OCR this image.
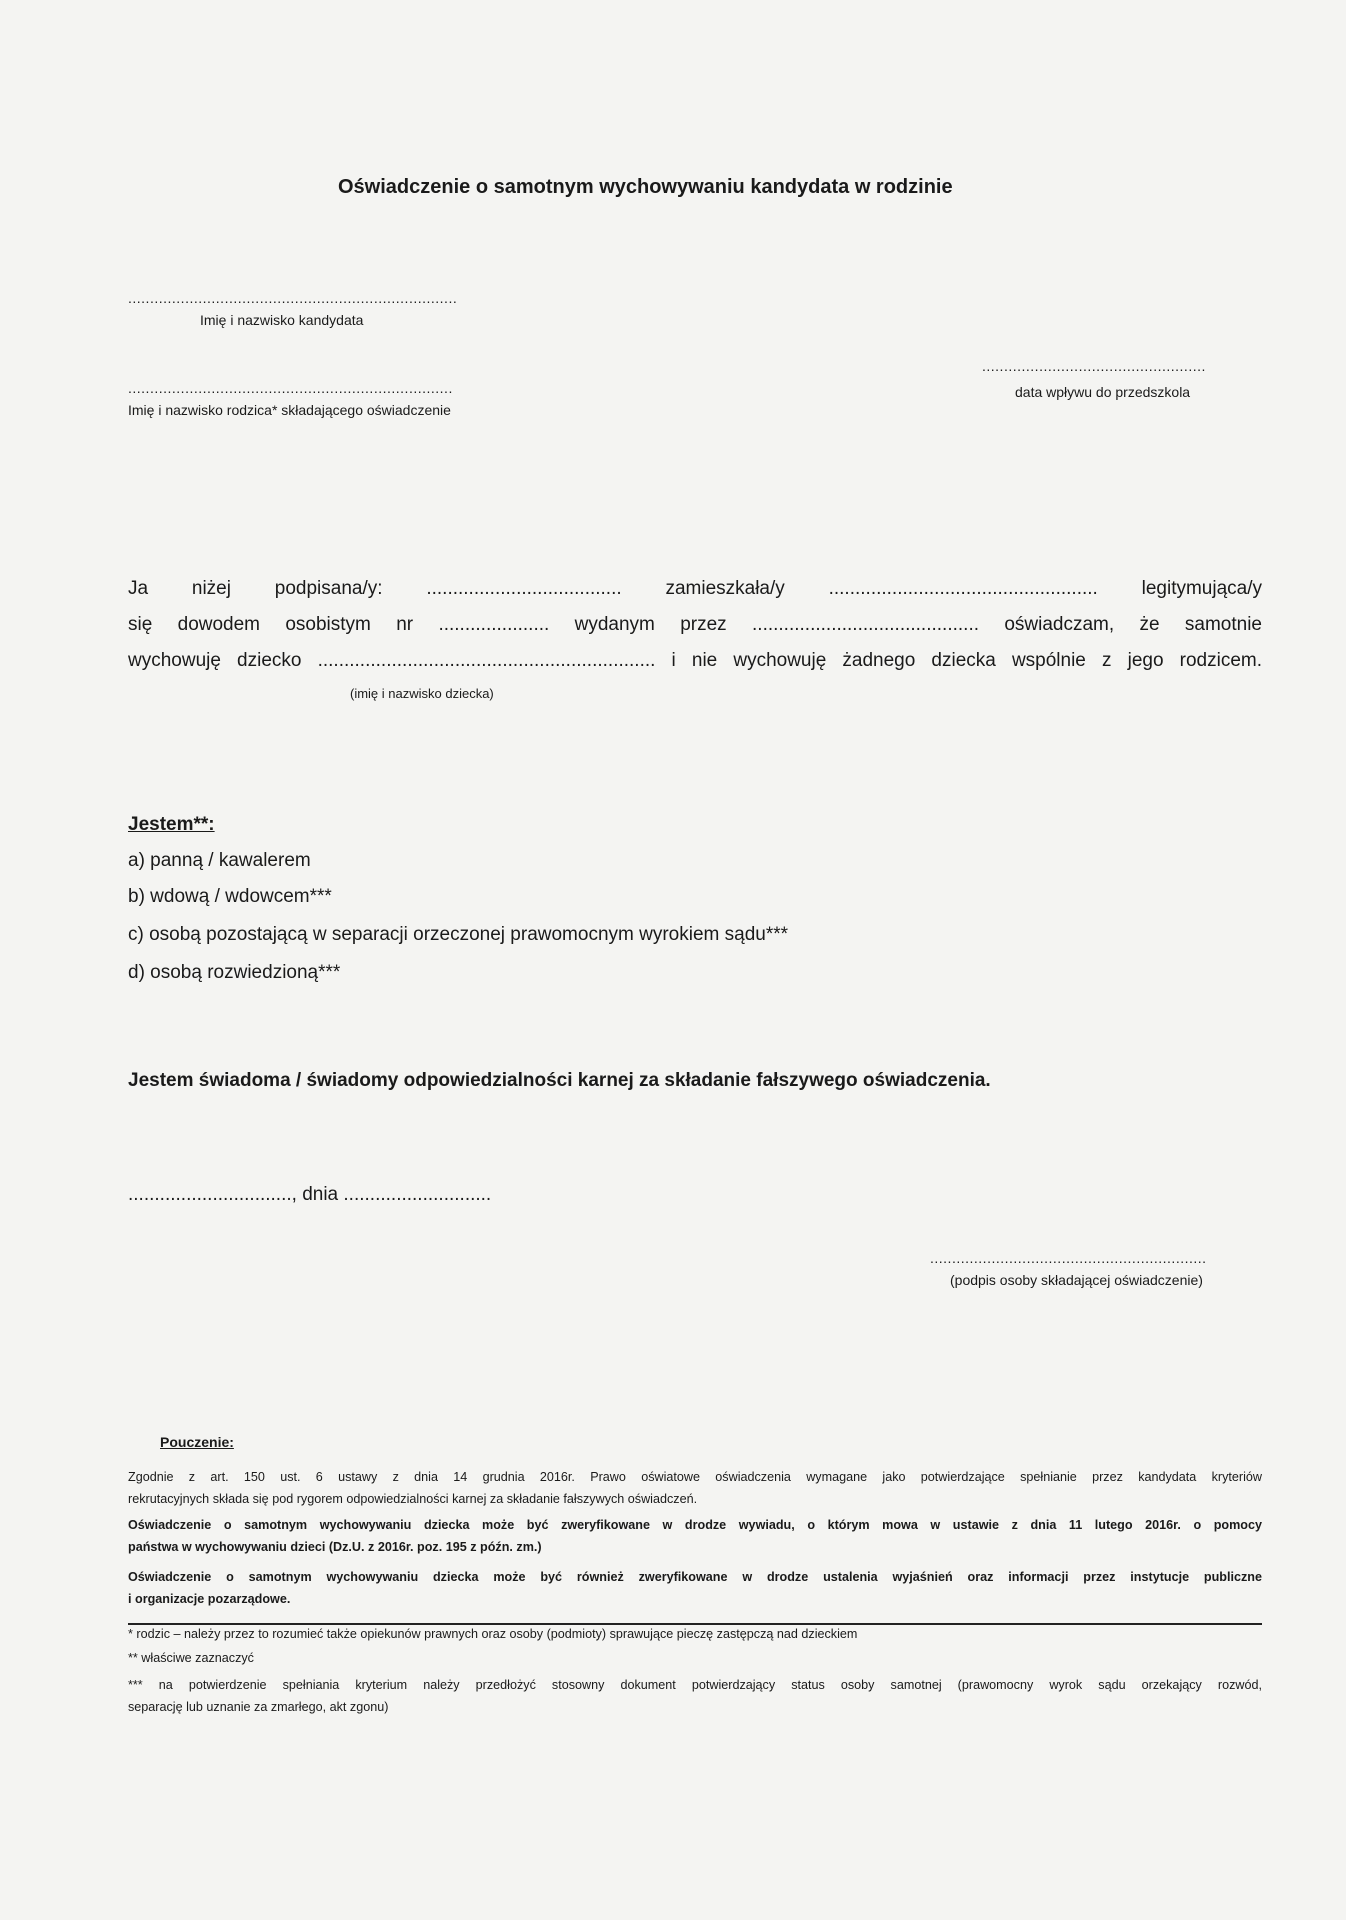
Oświadczenie o samotnym wychowywaniu kandydata w rodzinie
...........................................................................
Imię i nazwisko kandydata
..........................................................................
Imię i nazwisko rodzica* składającego oświadczenie
...................................................
data wpływu do przedszkola
Ja niżej podpisana/y: ..................................... zamieszkała/y ................................................... legitymująca/y
się dowodem osobistym nr ..................... wydanym przez ........................................... oświadczam, że samotnie
wychowuję dziecko ................................................................ i nie wychowuję żadnego dziecka wspólnie z jego rodzicem.
(imię i nazwisko dziecka)
Jestem**:
a) panną / kawalerem
b) wdową / wdowcem***
c) osobą pozostającą w separacji orzeczonej prawomocnym wyrokiem sądu***
d) osobą rozwiedzioną***
Jestem świadoma / świadomy odpowiedzialności karnej za składanie fałszywego oświadczenia.
..............................., dnia ............................
...............................................................
(podpis osoby składającej oświadczenie)
Pouczenie:
Zgodnie z art. 150 ust. 6 ustawy z dnia 14 grudnia 2016r. Prawo oświatowe oświadczenia wymagane jako potwierdzające spełnianie przez kandydata kryteriów
rekrutacyjnych składa się pod rygorem odpowiedzialności karnej za składanie fałszywych oświadczeń.
Oświadczenie o samotnym wychowywaniu dziecka może być zweryfikowane w drodze wywiadu, o którym mowa w ustawie z dnia 11 lutego 2016r. o pomocy
państwa w wychowywaniu dzieci (Dz.U. z 2016r. poz. 195 z późn. zm.)
Oświadczenie o samotnym wychowywaniu dziecka może być również zweryfikowane w drodze ustalenia wyjaśnień oraz informacji przez instytucje publiczne
i organizacje pozarządowe.
* rodzic – należy przez to rozumieć także opiekunów prawnych oraz osoby (podmioty) sprawujące pieczę zastępczą nad dzieckiem
** właściwe zaznaczyć
*** na potwierdzenie spełniania kryterium należy przedłożyć stosowny dokument potwierdzający status osoby samotnej (prawomocny wyrok sądu orzekający rozwód,
separację lub uznanie za zmarłego, akt zgonu)
